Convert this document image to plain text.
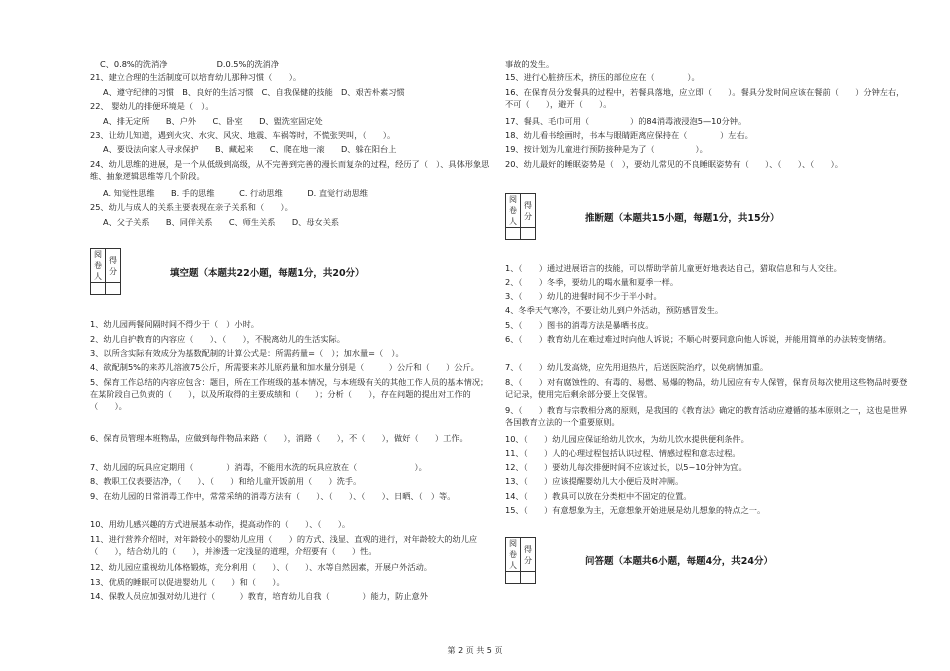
C、0.8%的洗消净　　　　　　D.0.5%的洗消净
21、建立合理的生活制度可以培育幼儿那种习惯（　　）。
A、遵守纪律的习惯　B、良好的生活习惯　C、自我保健的技能　D、艰苦朴素习惯
22、 婴幼儿的排便环境是（　）。
A、排无定所　　B、户外　　C、卧室　　D、盥洗室固定处
23、让幼儿知道，遇到火灾、水灾、风灾、地震、车祸等时，不慌张哭叫，（　　）。
A、要设法向家人寻求保护　　B、藏起来　　C、爬在地一滚　　D、躲在阳台上
24、幼儿思维的进展，是一个从低级到高级，从不完善到完善的漫长而复杂的过程，经历了（　）、具体形象思维、抽象逻辑思维等几个阶段。
A. 知觉性思维　　B. 手的思维　　　C. 行动思维　　　D. 直觉行动思维
25、幼儿与成人的关系主要表现在亲子关系和（　　）。
A、父子关系　　B、同伴关系　　C、师生关系　　D、母女关系
阅卷人	得分
		填空题（本题共22小题，每题1分，共20分）
1、幼儿园两餐间隔时间不得少于（　）小时。
2、幼儿自护教育的内容应（　　）、（　　），不脱离幼儿的生活实际。
3、以所含实际有效成分为基数配制的计算公式是：所需药量=（　）；加水量=（　）。
4、欲配制5%的来苏儿溶液75公斤，所需要来苏儿原药量和加水量分别是（　　　）公斤和（　　）公斤。
5、保育工作总结的内容应包含：题目，所在工作班级的基本情况，与本班级有关的其他工作人员的基本情况；在某阶段自己负责的（　　），以及所取得的主要成绩和（　　）；分析（　　），存在问题的提出对工作的（　　）。
6、保育员管理本班物品，应做到每件物品来路（　　），消路（　　），不（　　），做好（　　）工作。
7、幼儿园的玩具应定期用（　　　　）消毒，不能用水洗的玩具应放在（　　　　　　　）。
8、教职工仪表要洁净，（　　）、（　　）和给儿童开饭前用（　　）洗手。
9、在幼儿园的日常消毒工作中，常常采纳的消毒方法有（　　）、（　　）、（　　）、日晒、（　）等。
10、用幼儿感兴趣的方式进展基本动作，提高动作的（　　）、（　　）。
11、进行营养介绍时，对年龄较小的婴幼儿应用（　　）的方式、浅显、直观的进行，对年龄较大的幼儿应（　　），结合幼儿的（　　），并渗透一定浅显的道理，介绍要有（　　）性。
12、幼儿园应重视幼儿体格锻炼，充分利用（　　）、（　　）、水等自然因素，开展户外活动。
13、优质的睡眠可以促进婴幼儿（　　）和（　　）。
14、保教人员应加强对幼儿进行（　　　）教育，培育幼儿自我（　　　　）能力，防止意外
事故的发生。
15、进行心脏挤压术，挤压的部位应在（　　　　）。
16、在保育员分发餐具的过程中，若餐具落地，应立即（　　）。餐具分发时间应该在餐前（　　）分钟左右，不可（　　），避开（　　）。
17、餐具、毛巾可用（　　　　　）的84消毒液浸泡5—10分钟。
18、幼儿看书绘画时，书本与眼睛距离应保持在（　　　　）左右。
19、按计划为儿童进行预防接种是为了（　　　　　）。
20、幼儿最好的睡眠姿势是（　），要幼儿常见的不良睡眠姿势有（　　）、（　　）、（　　）。
阅卷人	得分
		推断题（本题共15小题，每题1分，共15分）
1、（　　）通过进展语言的技能，可以帮助学前儿童更好地表达自己，猎取信息和与人交往。
2、（　　）冬季，要幼儿的喝水量和夏季一样。
3、（　　）幼儿的进餐时间不少于半小时。
4、冬季天气寒冷，不要让幼儿到户外活动，预防感冒发生。
5、（　　）图书的消毒方法是暴晒书皮。
6、（　　）教育幼儿在难过难过时向他人诉说；不顺心时要同意向他人诉说，并能用简单的办法转变情绪。
7、（　　）幼儿发高烧，应先用退热片，后送医院治疗，以免病情加重。
8、（　　）对有腐蚀性的、有毒的、易燃、易爆的物品，幼儿园应有专人保管，保育员每次使用这些物品时要登记记录，使用完后剩余部分要上交保管。
9、（　　）教育与宗教相分离的原则，是我国的《教育法》确定的教育活动应遵循的基本原则之一，这也是世界各国教育立法的一个重要原则。
10、（　　）幼儿园应保证给幼儿饮水，为幼儿饮水提供便利条件。
11、（　　）人的心理过程包括认识过程、情感过程和意志过程。
12、（　　）要幼儿每次排便时间不应该过长，以5~10分钟为宜。
13、（　　）应该提醒婴幼儿大小便后及时冲厕。
14、（　　）教具可以放在分类柜中不固定的位置。
15、（　　）有意想象为主，无意想象开始进展是幼儿想象的特点之一。
阅卷人	得分
		问答题（本题共6小题，每题4分，共24分）
第 2 页 共 5 页
